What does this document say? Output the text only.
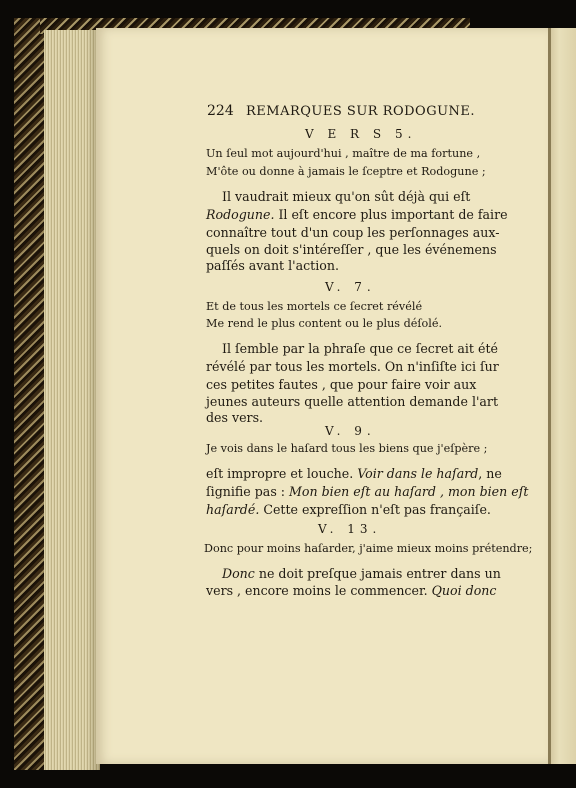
224 REMARQUES SUR RODOGUNE.
V E R S 5.
Un ſeul mot aujourd'hui , maître de ma fortune ,
M'ôte ou donne à jamais le ſceptre et Rodogune ;
Il vaudrait mieux qu'on sût déjà qui eſt
Rodogune. Il eſt encore plus important de faire
connaître tout d'un coup les perſonnages aux-
quels on doit s'intéreſſer , que les événemens
paſſés avant l'action.
V. 7.
Et de tous les mortels ce ſecret révélé
Me rend le plus content ou le plus déſolé.
Il ſemble par la phraſe que ce ſecret ait été
révélé par tous les mortels. On n'inſiſte ici ſur
ces petites fautes , que pour faire voir aux
jeunes auteurs quelle attention demande l'art
des vers.
V. 9.
Je vois dans le haſard tous les biens que j'eſpère ;
eſt impropre et louche. Voir dans le haſard, ne
ſignifie pas : Mon bien eſt au haſard , mon bien eſt
haſardé. Cette expreſſion n'eſt pas françaiſe.
V. 13.
Donc pour moins haſarder, j'aime mieux moins prétendre;
Donc ne doit preſque jamais entrer dans un
vers , encore moins le commencer. Quoi donc
